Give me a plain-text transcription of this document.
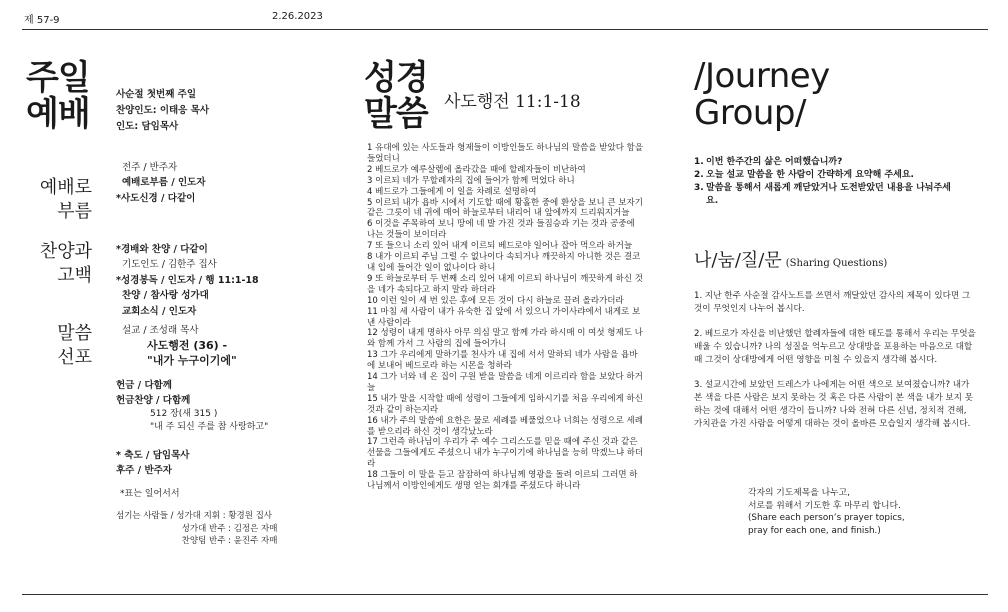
제 57-9	2.26.2023
주일
예배	사순절 첫번째 주일
찬양인도: 이태응 목사
인도: 담임목사
예배로
부름
전주 / 반주자
예배로부름 / 인도자
*사도신경 / 다같이
찬양과
고백
*경배와 찬양 / 다같이
기도인도 / 김한주 집사
*성경봉독 / 인도자 / 행 11:1-18
찬양 / 참사랑 성가대
교회소식 / 인도자
말씀
선포
설교 / 조성래 목사
사도행전 (36) -
"내가 누구이기에"
헌금 / 다함께
헌금찬양 / 다함께
512 장(새 315 )
"내 주 되신 주를 참 사랑하고"
* 축도 / 담임목사
후주 / 반주자
*표는 일어서서
섬기는 사람들 / 성가대 지휘 :
황경원 집사
성가대 반주 :
김정은 자매
찬양팀 반주 :
윤진주 자매
성경
말씀 사도행전 11:1-18

1 유대에 있는 사도들과 형제들이 이방인들도 하나님의 말씀을 받았다 함을 들었더니

2 베드로가 예루살렘에 올라갔을 때에 할례자들이 비난하여

3 이르되 네가 무할례자의 집에 들어가 함께 먹었다 하니

4 베드로가 그들에게 이 일을 차례로 설명하여

5 이르되 내가 욥바 시에서 기도할 때에 황홀한 중에 환상을 보니 큰 보자기 같은 그릇이 네 귀에 매어 하늘로부터 내리어 내 앞에까지 드리워지거늘

6 이것을 주목하여 보니 땅에 네 발 가진 것과 들짐승과 기는 것과 공중에 나는 것들이 보이더라

7 또 들으니 소리 있어 내게 이르되 베드로야 일어나 잡아 먹으라 하거늘

8 내가 이르되 주님 그럴 수 없나이다 속되거나 깨끗하지 아니한 것은 결코 내 입에 들어간 일이 없나이다 하니

9 또 하늘로부터 두 번째 소리 있어 내게 이르되 하나님이 깨끗하게 하신 것을 네가 속되다고 하지 말라 하더라

10 이런 일이 세 번 있은 후에 모든 것이 다시 하늘로 끌려 올라가더라

11 마침 세 사람이 내가 유숙한 집 앞에 서 있으니 가이사랴에서 내게로 보낸 사람이라

12 성령이 내게 명하사 아무 의심 말고 함께 가라 하시매 이 여섯 형제도 나와 함께 가서 그 사람의 집에 들어가니

13 그가 우리에게 말하기를 천사가 내 집에 서서 말하되 네가 사람을 욥바에 보내어 베드로라 하는 시몬을 청하라

14 그가 너와 네 온 집이 구원 받을 말씀을 네게 이르리라 함을 보았다 하거늘

15 내가 말을 시작할 때에 성령이 그들에게 임하시기를 처음 우리에게 하신 것과 같이 하는지라

16 내가 주의 말씀에 요한은 물로 세례를 베풀었으나 너희는 성령으로 세례를 받으리라 하신 것이 생각났노라

17 그런즉 하나님이 우리가 주 예수 그리스도를 믿을 때에 주신 것과 같은 선물을 그들에게도 주셨으니 내가 누구이기에 하나님을 능히 막겠느냐 하더라

18 그들이 이 말을 듣고 잠잠하여 하나님께 영광을 돌려 이르되 그러면 하나님께서 이방인에게도 생명 얻는 회개를 주셨도다 하니라

/Journey
Group/
1. 이번 한주간의 삶은 어떠했습니까?
2. 오늘 설교 말씀을 한 사람이 간략하게 요약해 주세요.
3. 말씀을 통해서 새롭게 깨닫았거나 도전받았던 내용을 나눠주세요.
나/눔/질/문 (Sharing Questions)
1. 지난 한주 사순절 감사노트를 쓰면서 깨달았던 감사의 제목이 있다면 그것이 무엇인지 나누어 봅시다.
2. 베드로가 자신을 비난했던 할례자들에 대한 태도를 통해서 우리는 무엇을 배울 수 있습니까? 나의 성질을 억누르고 상대방을 포용하는 마음으로 대할 때 그것이 상대방에게 어떤 영향을 미칠 수 있을지 생각해 봅시다.
3. 설교시간에 보았던 드레스가 나에게는 어떤 색으로 보여졌습니까? 내가 본 색을 다른 사람은 보지 못하는 것 혹은 다른 사람이 본 색을 내가 보지 못하는 것에 대해서 어떤 생각이 듭니까? 나와 전혀 다른 신념, 정치적 견해, 가치관을 가진 사람을 어떻게 대하는 것이 올바른 모습일지 생각해 봅시다.
각자의 기도제목을 나누고,
서로를 위해서 기도한 후 마무리 합니다.
(Share each person’s prayer topics,
pray for each one, and finish.)
